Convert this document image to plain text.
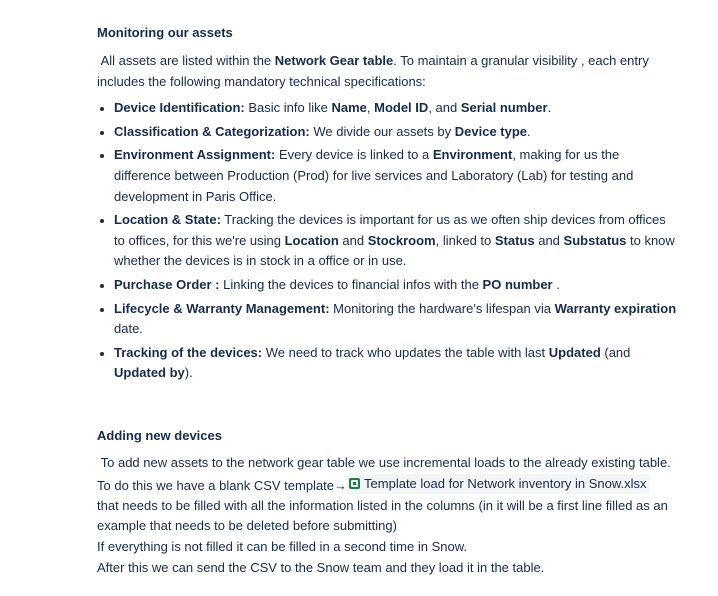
Monitoring our assets

All assets are listed within the Network Gear table. To maintain a granular visibility , each entry includes the following mandatory technical specifications:

• Device Identification: Basic info like Name, Model ID, and Serial number.
• Classification & Categorization: We divide our assets by Device type.
• Environment Assignment: Every device is linked to a Environment, making for us the difference between Production (Prod) for live services and Laboratory (Lab) for testing and development in Paris Office.
• Location & State: Tracking the devices is important for us as we often ship devices from offices to offices, for this we're using Location and Stockroom, linked to Status and Substatus to know whether the devices is in stock in a office or in use.
• Purchase Order : Linking the devices to financial infos with the PO number .
• Lifecycle & Warranty Management: Monitoring the hardware's lifespan via Warranty expiration date.
• Tracking of the devices: We need to track who updates the table with last Updated (and Updated by).
Adding new devices

To add new assets to the network gear table we use incremental loads to the already existing table.

To do this we have a blank CSV template→ Template load for Network inventory in Snow.xlsx

that needs to be filled with all the information listed in the columns (in it will be a first line filled as an example that needs to be deleted before submitting)

If everything is not filled it can be filled in a second time in Snow.

After this we can send the CSV to the Snow team and they load it in the table.
